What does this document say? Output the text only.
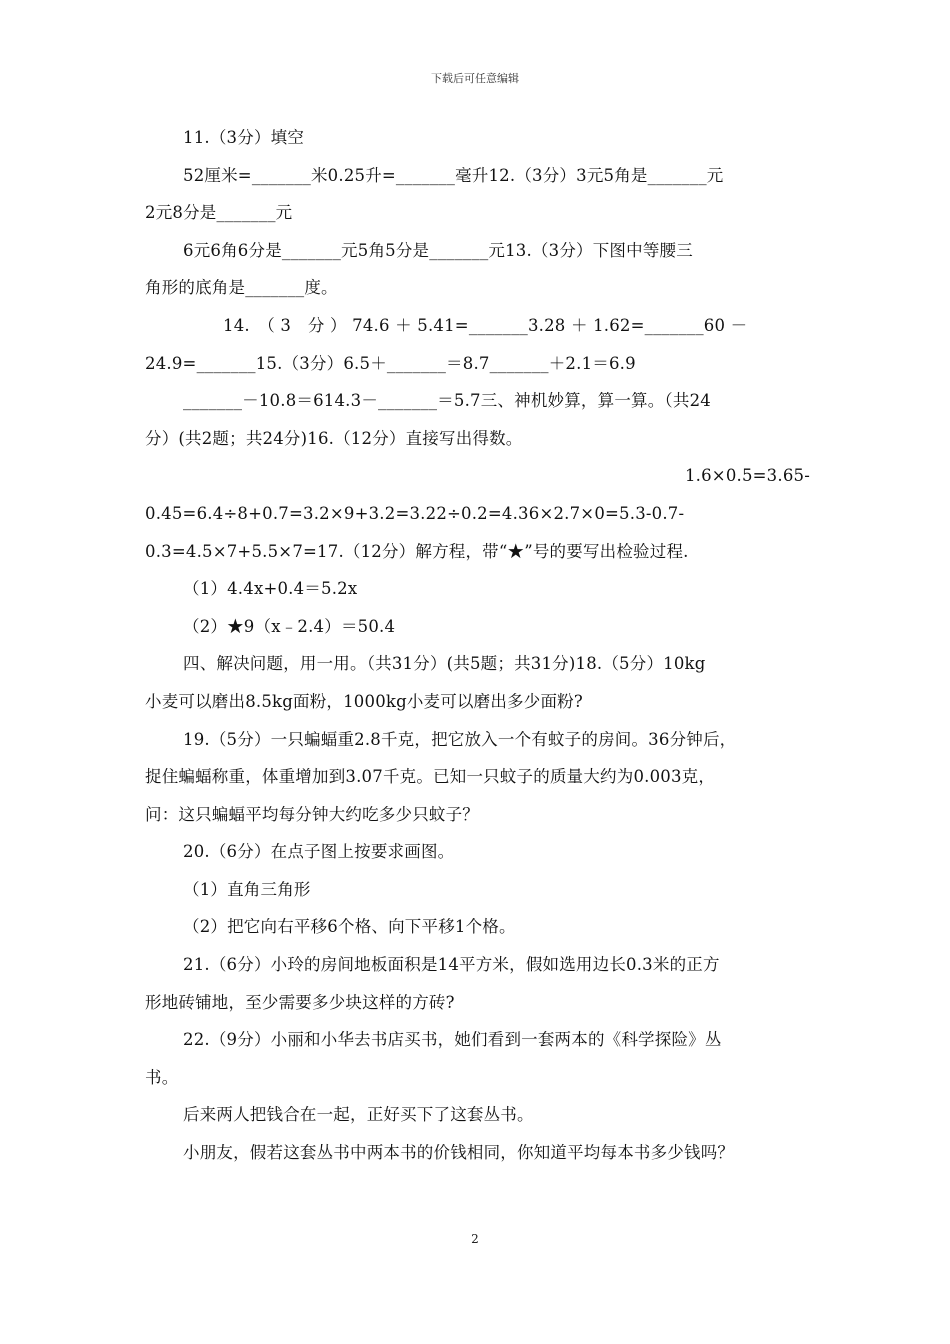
下载后可任意编辑
11.（3分）填空
52厘米=_______米0.25升=_______毫升12.（3分）3元5角是_______元
2元8分是_______元
6元6角6分是_______元5角5分是_______元13.（3分）下图中等腰三
角形的底角是_______度。
14.　（ 3　分 ） 74.6 ＋ 5.41=_______3.28 ＋ 1.62=_______60 －
24.9=_______15.（3分）6.5＋_______＝8.7_______＋2.1＝6.9
_______－10.8＝614.3－_______＝5.7三、神机妙算，算一算。（共24
分）(共2题；共24分)16.（12分）直接写出得数。
1.6×0.5=3.65-
0.45=6.4÷8+0.7=3.2×9+3.2=3.22÷0.2=4.36×2.7×0=5.3-0.7-
0.3=4.5×7+5.5×7=17.（12分）解方程，带“★”号的要写出检验过程.
（1）4.4x+0.4＝5.2x
（2）★9（x﹣2.4）＝50.4
四、解决问题，用一用。（共31分）(共5题；共31分)18.（5分）10kg
小麦可以磨出8.5kg面粉，1000kg小麦可以磨出多少面粉?
19.（5分）一只蝙蝠重2.8千克，把它放入一个有蚊子的房间。36分钟后，
捉住蝙蝠称重，体重增加到3.07千克。已知一只蚊子的质量大约为0.003克，
问：这只蝙蝠平均每分钟大约吃多少只蚊子？
20.（6分）在点子图上按要求画图。
（1）直角三角形
（2）把它向右平移6个格、向下平移1个格。
21.（6分）小玲的房间地板面积是14平方米，假如选用边长0.3米的正方
形地砖铺地，至少需要多少块这样的方砖?
22.（9分）小丽和小华去书店买书，她们看到一套两本的《科学探险》丛
书。
后来两人把钱合在一起，正好买下了这套丛书。
小朋友，假若这套丛书中两本书的价钱相同，你知道平均每本书多少钱吗？
2
